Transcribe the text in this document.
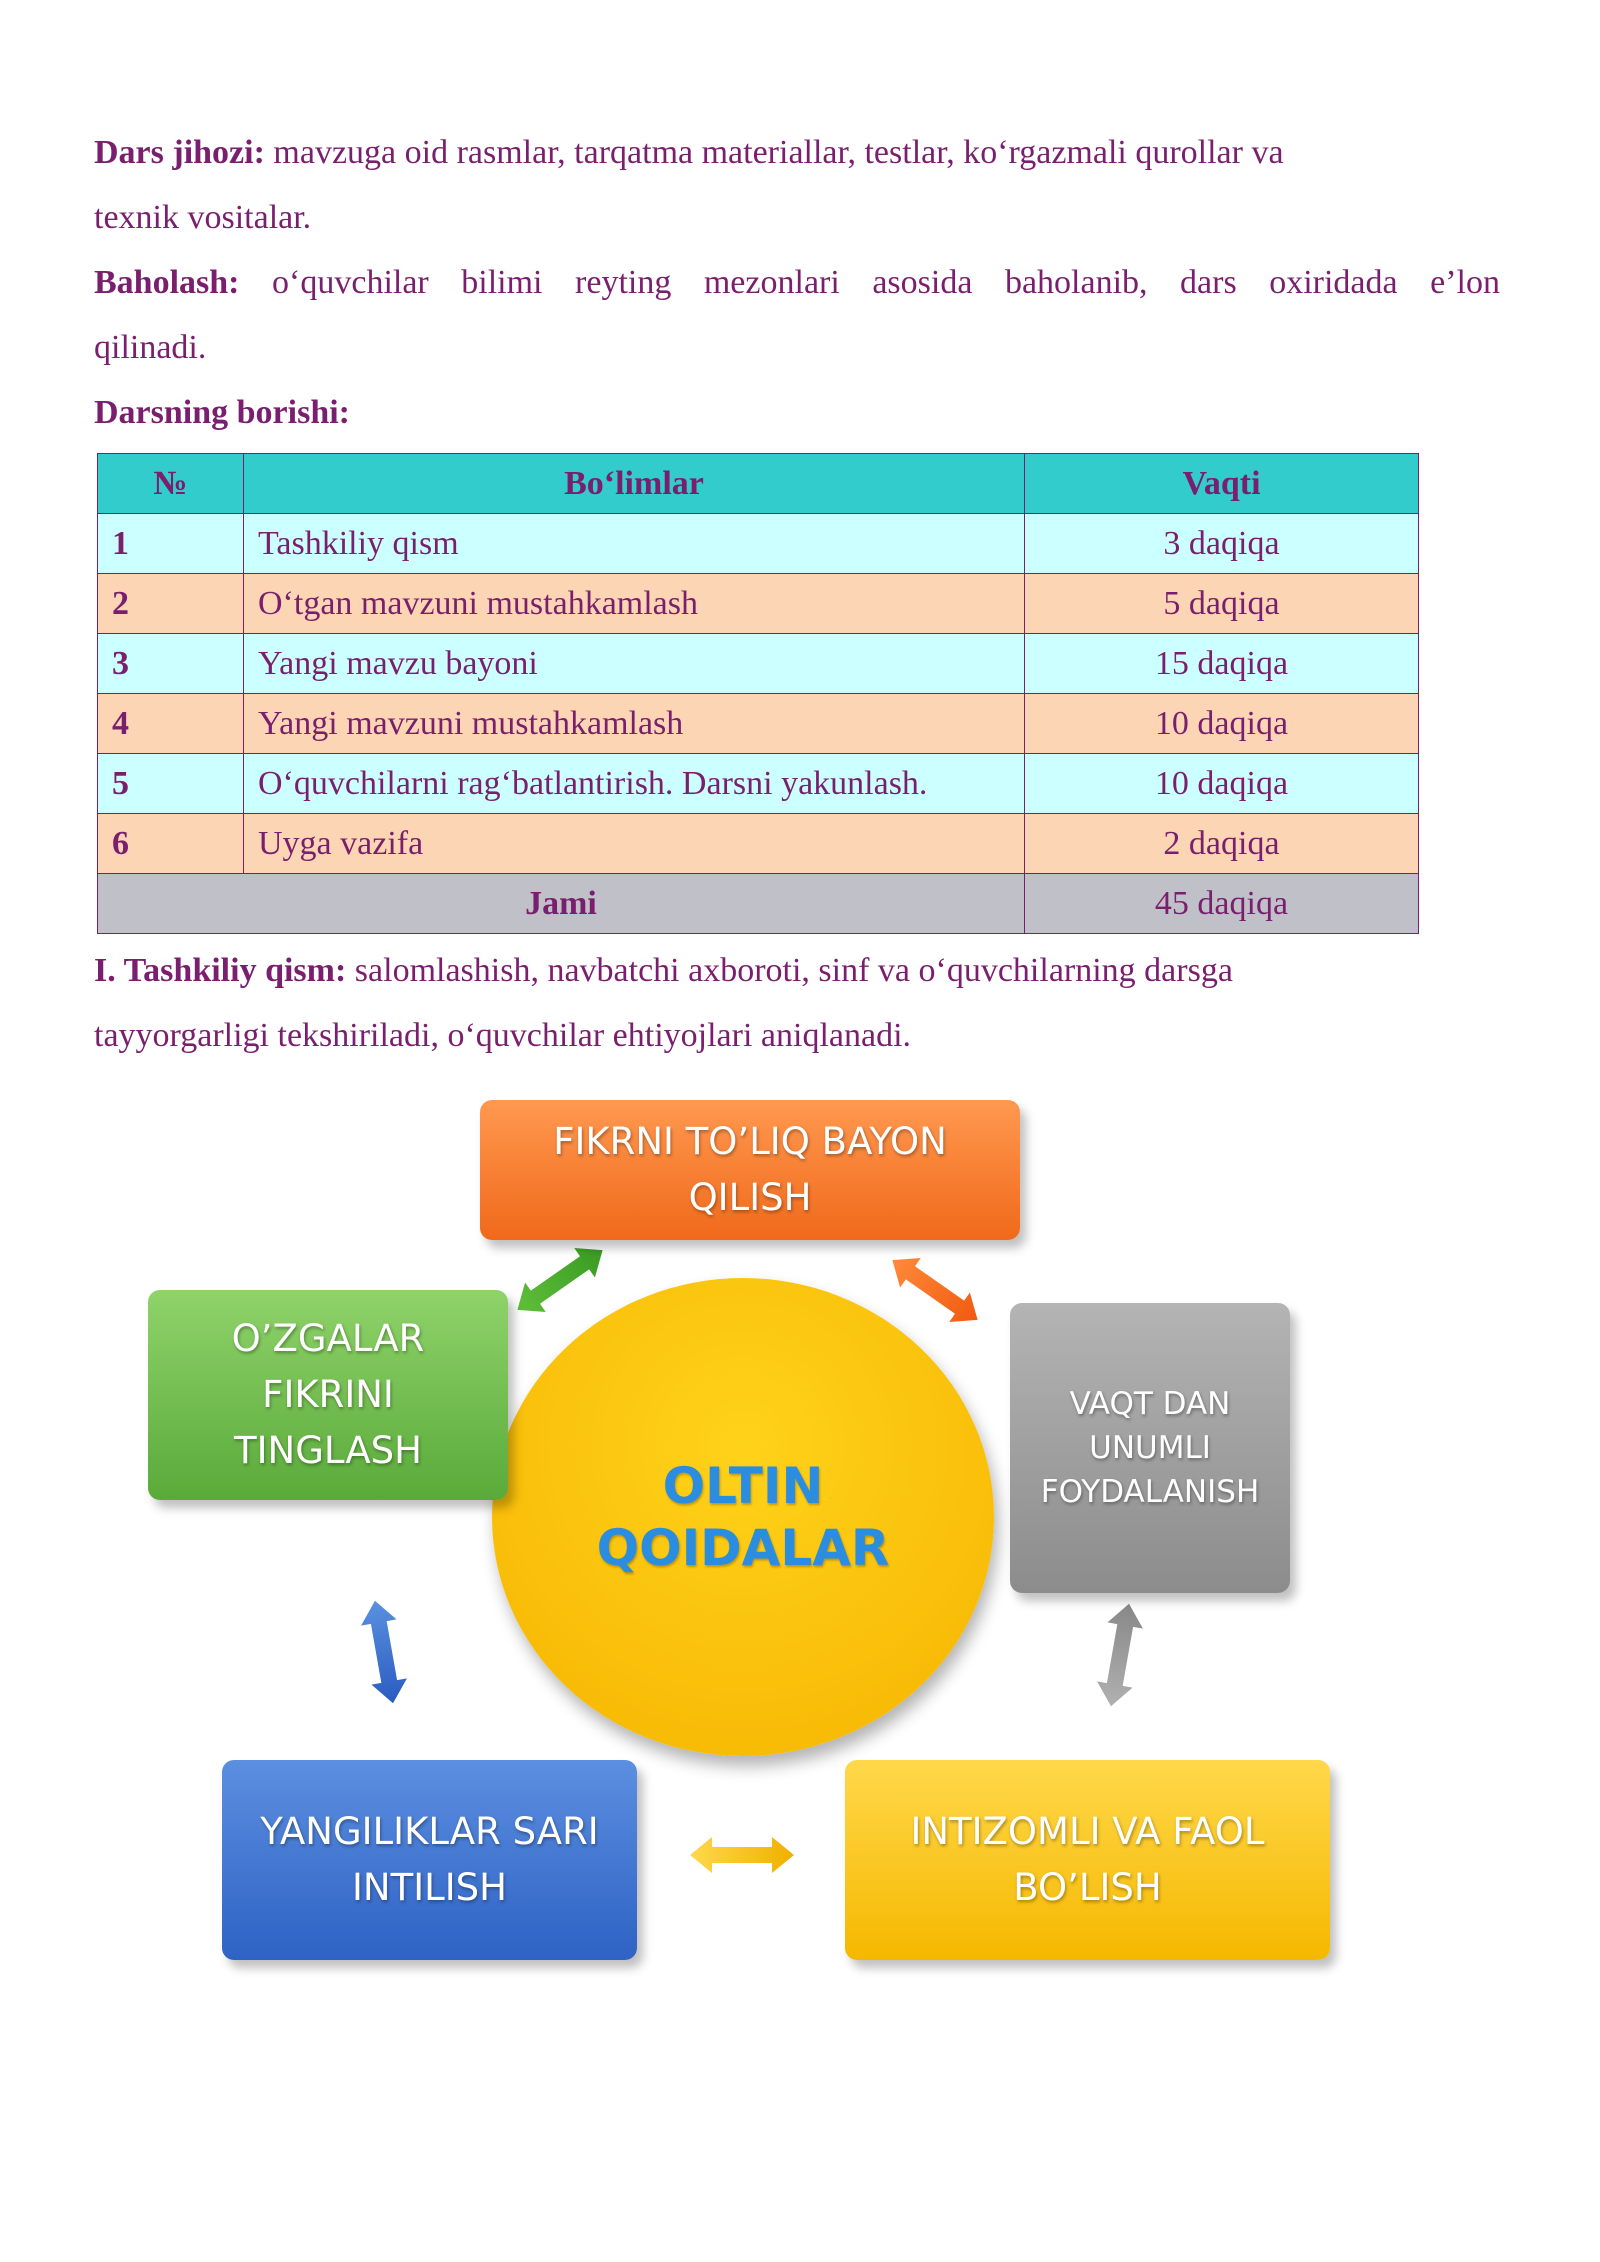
Dars jihozi: mavzuga oid rasmlar, tarqatma materiallar, testlar, ko‘rgazmali qurollar va
texnik vositalar.
Baholash: o‘quvchilar bilimi reyting mezonlari asosida baholanib, dars oxiridada e’lon
qilinadi.
Darsning borishi:
№	Bo‘limlar	Vaqti
1	Tashkiliy qism	3 daqiqa
2	O‘tgan mavzuni mustahkamlash	5 daqiqa
3	Yangi mavzu bayoni	15 daqiqa
4	Yangi mavzuni mustahkamlash	10 daqiqa
5	O‘quvchilarni rag‘batlantirish. Darsni yakunlash.	10 daqiqa
6	Uyga vazifa	2 daqiqa
Jami		45 daqiqa
I. Tashkiliy qism: salomlashish, navbatchi axboroti, sinf va o‘quvchilarning darsga
tayyorgarligi tekshiriladi, o‘quvchilar ehtiyojlari aniqlanadi.
OLTIN
QOIDALAR
FIKRNI TO’LIQ BAYON
QILISH
O’ZGALAR
FIKRINI
TINGLASH
VAQT DAN
UNUMLI
FOYDALANISH
YANGILIKLAR SARI
INTILISH
INTIZOMLI VA FAOL
BO’LISH
